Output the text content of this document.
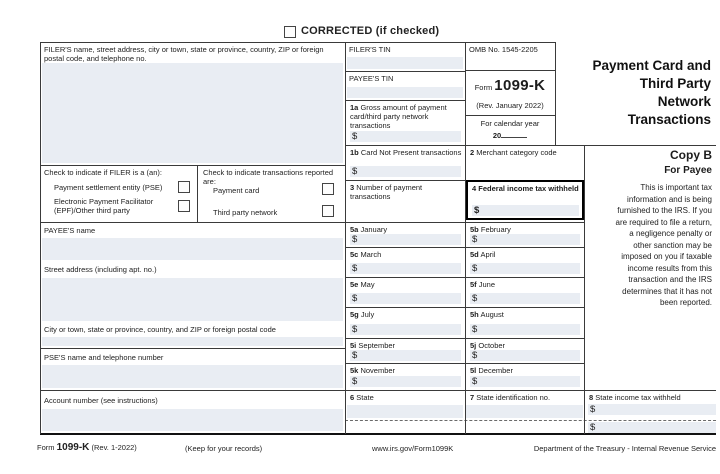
CORRECTED (if checked)
FILER'S name, street address, city or town, state or province, country, ZIP or foreign postal code, and telephone no.
Check to indicate if FILER is a (an):
Payment settlement entity (PSE)
Electronic Payment Facilitator (EPF)/Other third party
Check to indicate transactions reported are:
Payment card
Third party network
PAYEE'S name
Street address (including apt. no.)
City or town, state or province, country, and ZIP or foreign postal code
PSE'S name and telephone number
Account number (see instructions)
FILER'S TIN
PAYEE'S TIN
OMB No. 1545-2205
Form 1099-K
(Rev. January 2022)
For calendar year
20
Payment Card and
Third Party
Network
Transactions
Copy B
For Payee
This is important tax information and is being furnished to the IRS. If you are required to file a return, a negligence penalty or other sanction may be imposed on you if taxable income results from this transaction and the IRS determines that it has not been reported.
1a Gross amount of payment card/third party network transactions
$
1b Card Not Present transactions
$
2 Merchant category code
3 Number of payment transactions
4 Federal income tax withheld
$
5a January
$
5b February
$
5c March
$
5d April
$
5e May
$
5f June
$
5g July
$
5h August
$
5i September
$
5j October
$
5k November
$
5l December
$
6 State	7 State identification no.	8 State income tax withheld
$
$
Form 1099-K (Rev. 1-2022)	(Keep for your records)	www.irs.gov/Form1099K	Department of the Treasury - Internal Revenue Service
